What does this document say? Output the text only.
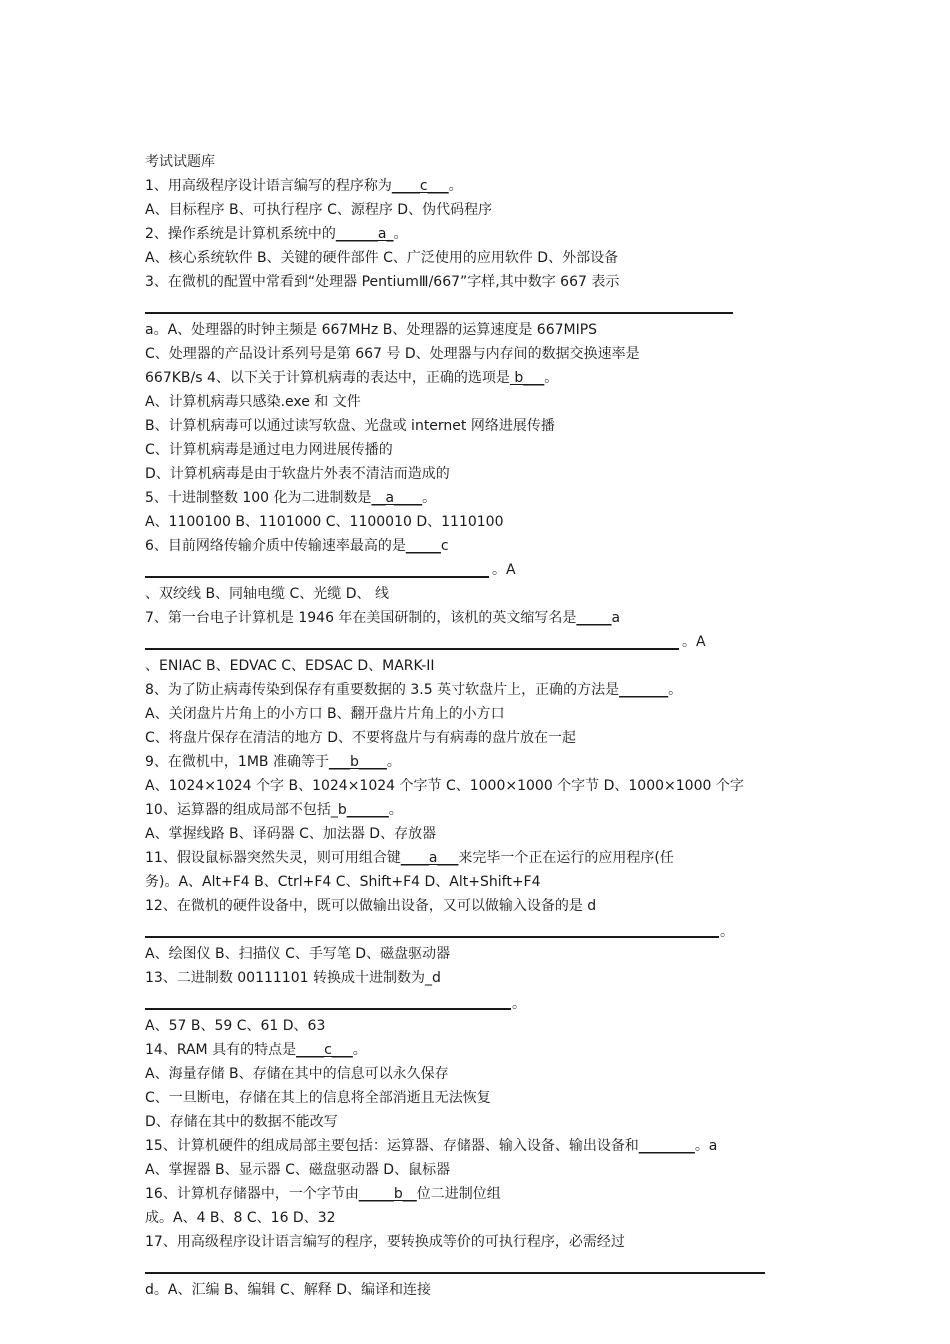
考试试题库

1、用高级程序设计语言编写的程序称为____c___。

A、目标程序 B、可执行程序 C、源程序 D、伪代码程序

2、操作系统是计算机系统中的______a_。

A、核心系统软件 B、关键的硬件部件 C、广泛使用的应用软件 D、外部设备

3、在微机的配置中常看到“处理器 PentiumⅢ/667”字样,其中数字 667 表示

a。A、处理器的时钟主频是 667MHz B、处理器的运算速度是 667MIPS

C、处理器的产品设计系列号是第 667 号 D、处理器与内存间的数据交换速率是

667KB/s 4、以下关于计算机病毒的表达中，正确的选项是 b___。

A、计算机病毒只感染.exe 和 文件

B、计算机病毒可以通过读写软盘、光盘或 internet 网络进展传播

C、计算机病毒是通过电力网进展传播的

D、计算机病毒是由于软盘片外表不清洁而造成的

5、十进制整数 100 化为二进制数是__a____。

A、1100100 B、1101000 C、1100010 D、1110100

6、目前网络传输介质中传输速率最高的是_____c

。A

、双绞线 B、同轴电缆 C、光缆 D、 线

7、第一台电子计算机是 1946 年在美国研制的，该机的英文缩写名是_____a

。A

、ENIAC B、EDVAC C、EDSAC D、MARK-II

8、为了防止病毒传染到保存有重要数据的 3.5 英寸软盘片上，正确的方法是_______。

A、关闭盘片片角上的小方口 B、翻开盘片片角上的小方口

C、将盘片保存在清洁的地方 D、不要将盘片与有病毒的盘片放在一起

9、在微机中，1MB 准确等于___b____。

A、1024×1024 个字 B、1024×1024 个字节 C、1000×1000 个字节 D、1000×1000 个字

10、运算器的组成局部不包括_b______。

A、掌握线路 B、译码器 C、加法器 D、存放器

11、假设鼠标器突然失灵，则可用组合键____a___来完毕一个正在运行的应用程序(任

务)。A、Alt+F4 B、Ctrl+F4 C、Shift+F4 D、Alt+Shift+F4

12、在微机的硬件设备中，既可以做输出设备，又可以做输入设备的是 d

。

A、绘图仪 B、扫描仪 C、手写笔 D、磁盘驱动器

13、二进制数 00111101 转换成十进制数为_d

。

A、57 B、59 C、61 D、63

14、RAM 具有的特点是____c___。

A、海量存储 B、存储在其中的信息可以永久保存

C、一旦断电，存储在其上的信息将全部消逝且无法恢复

D、存储在其中的数据不能改写

15、计算机硬件的组成局部主要包括：运算器、存储器、输入设备、输出设备和________。a

A、掌握器 B、显示器 C、磁盘驱动器 D、鼠标器

16、计算机存储器中，一个字节由_____b__位二进制位组

成。A、4 B、8 C、16 D、32

17、用高级程序设计语言编写的程序，要转换成等价的可执行程序，必需经过

d。A、汇编 B、编辑 C、解释 D、编译和连接
